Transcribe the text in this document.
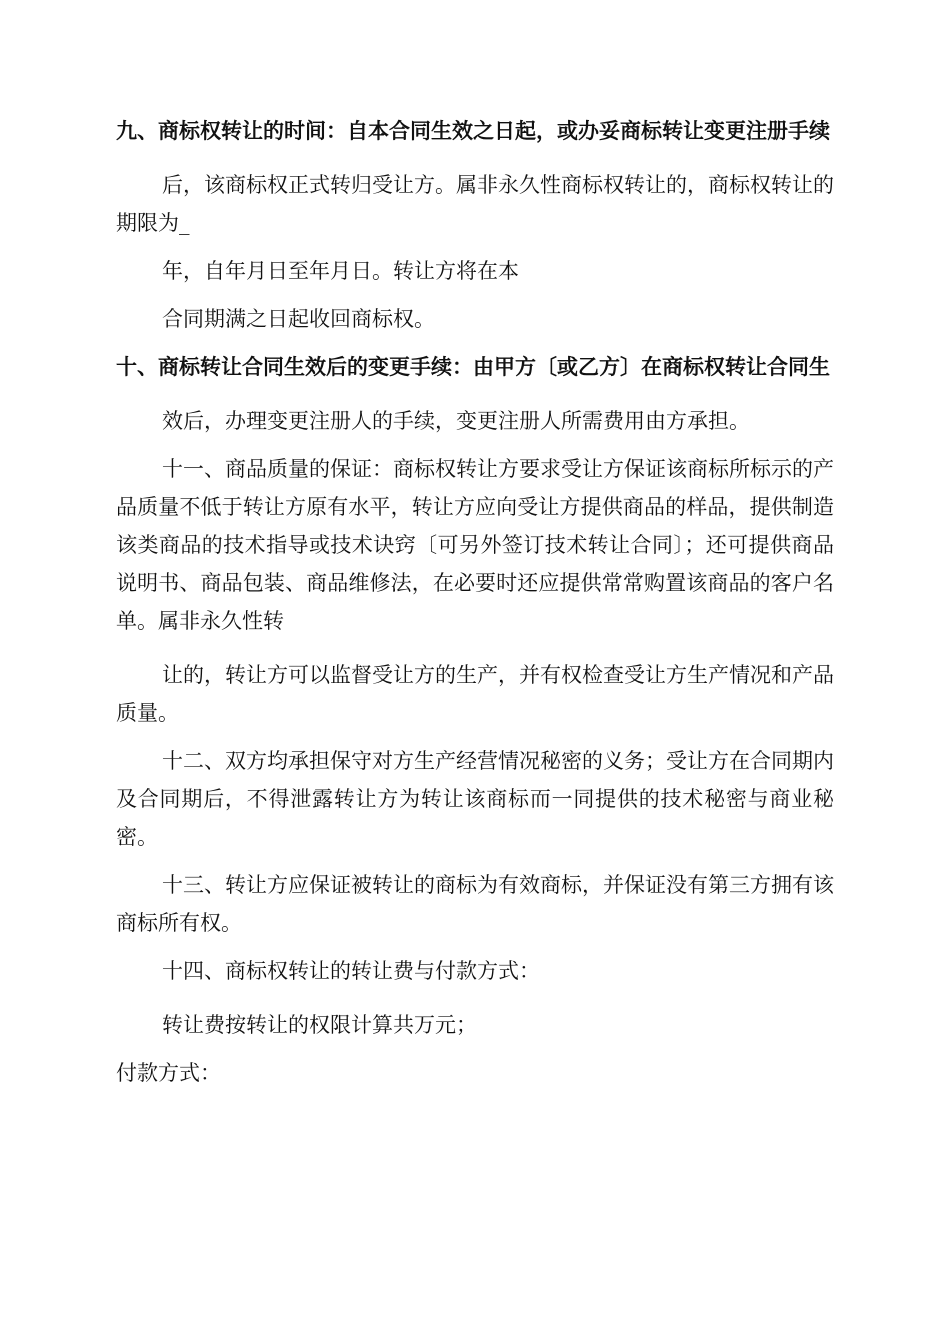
九、商标权转让的时间：自本合同生效之日起，或办妥商标转让变更注册手续

后，该商标权正式转归受让方。属非永久性商标权转让的，商标权转让的期限为_

年，自年月日至年月日。转让方将在本

合同期满之日起收回商标权。

十、商标转让合同生效后的变更手续：由甲方〔或乙方〕在商标权转让合同生

效后，办理变更注册人的手续，变更注册人所需费用由方承担。

十一、商品质量的保证：商标权转让方要求受让方保证该商标所标示的产品质量不低于转让方原有水平，转让方应向受让方提供商品的样品，提供制造该类商品的技术指导或技术诀窍〔可另外签订技术转让合同〕；还可提供商品说明书、商品包装、商品维修法，在必要时还应提供常常购置该商品的客户名单。属非永久性转

让的，转让方可以监督受让方的生产，并有权检查受让方生产情况和产品质量。

十二、双方均承担保守对方生产经营情况秘密的义务；受让方在合同期内及合同期后，不得泄露转让方为转让该商标而一同提供的技术秘密与商业秘密。

十三、转让方应保证被转让的商标为有效商标，并保证没有第三方拥有该商标所有权。

十四、商标权转让的转让费与付款方式：

转让费按转让的权限计算共万元；

付款方式：
